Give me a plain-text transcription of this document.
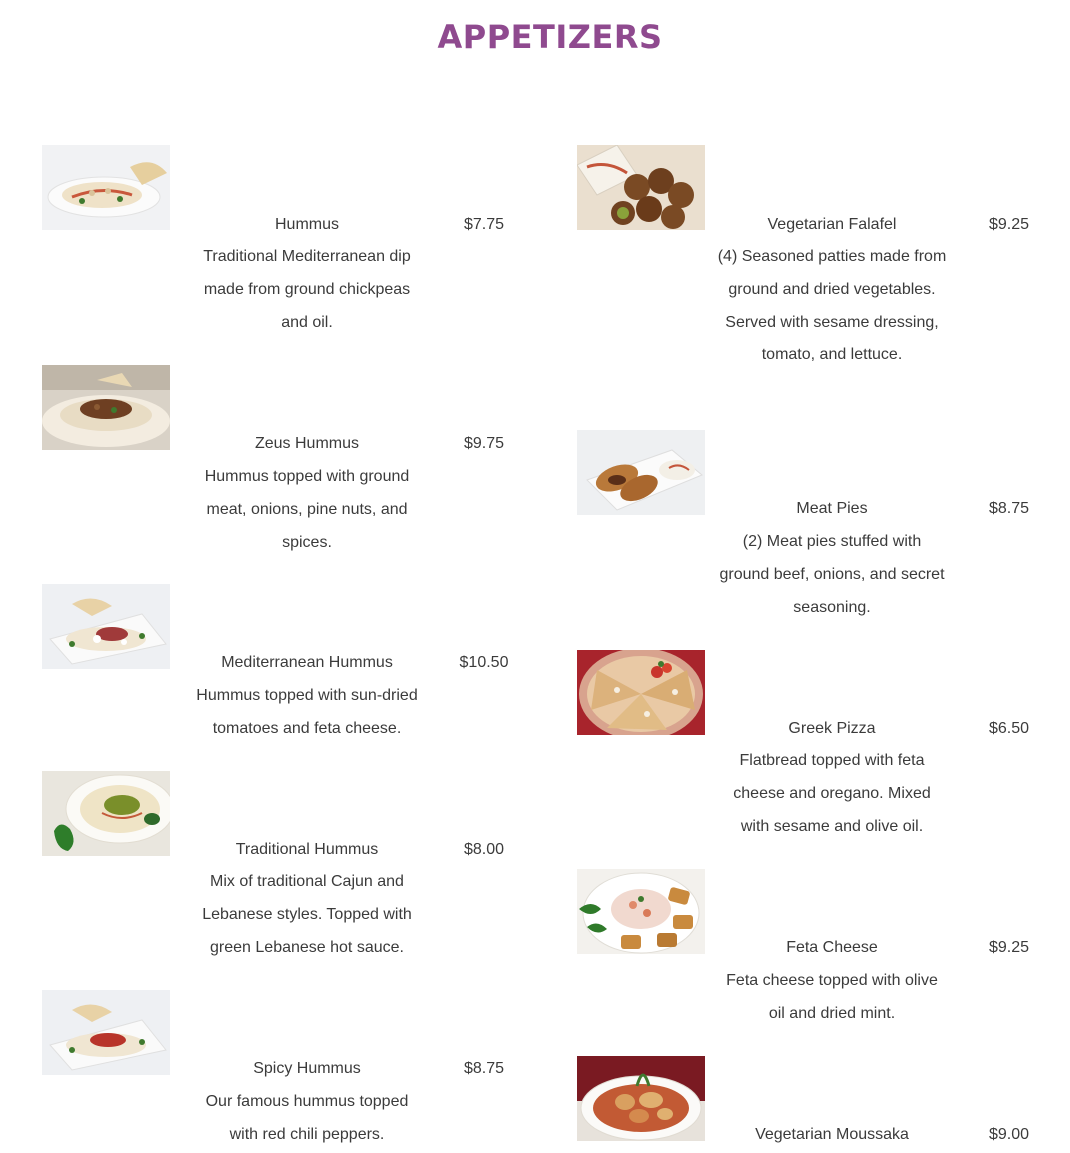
APPETIZERS
Hummus	$7.75
Traditional Mediterranean dip made from ground chickpeas and oil.
Zeus Hummus	$9.75
Hummus topped with ground meat, onions, pine nuts, and spices.
Mediterranean Hummus	$10.50
Hummus topped with sun-dried tomatoes and feta cheese.
Traditional Hummus	$8.00
Mix of traditional Cajun and Lebanese styles. Topped with green Lebanese hot sauce.
Spicy Hummus	$8.75
Our famous hummus topped with red chili peppers.
Vegetarian Falafel	$9.25
(4) Seasoned patties made from ground and dried vegetables. Served with sesame dressing, tomato, and lettuce.
Meat Pies	$8.75
(2) Meat pies stuffed with ground beef, onions, and secret seasoning.
Greek Pizza	$6.50
Flatbread topped with feta cheese and oregano. Mixed with sesame and olive oil.
Feta Cheese	$9.25
Feta cheese topped with olive oil and dried mint.
Vegetarian Moussaka	$9.00
